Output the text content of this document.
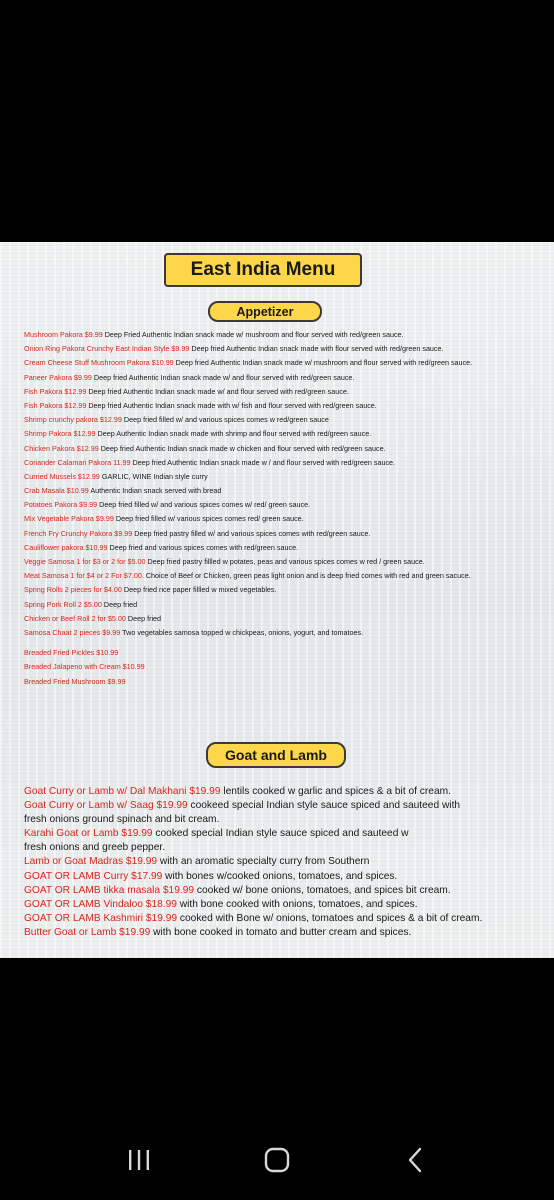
East India Menu
Appetizer
Mushroom Pakora $9.99 Deep Fried Authentic Indian snack made w/ mushroom and flour served with red/green sauce.
Onion Ring Pakora Crunchy East Indian Style $9.99 Deep fried Authentic Indian snack made with flour served with red/green sauce.
Cream Cheese Stuff Mushroom Pakora $10.99 Deep fried Authentic Indian snack made w/ mushroom and flour served with red/green sauce.
Paneer Pakora $9.99 Deep fried Authentic Indian snack made w/ and flour served with red/green sauce.
Fish Pakora $12.99 Deep fried Authentic Indian snack made w/ and flour served with red/green sauce.
Fish Pakora $12.99 Deep fried Authentic Indian snack made with w/ fish and flour served with red/green sauce.
Shrimp crunchy pakora $12.99 Deep fried filled w/ and various spices comes w red/green sauce
Shrimp Pakora $12.99 Deep Authentic Indian snack made with shrimp and flour served with red/green sauce.
Chicken Pakora $12.99 Deep fried Authentic Indian snack made w chicken and flour served with red/green sauce.
Coriander Calamari Pakora 11.99 Deep fried Authentic Indian snack made w / and flour served with red/green sauce.
Curried Mussels $12.99 GARLIC, WINE Indian style curry
Crab Masala $10.99 Authentic Indian snack served with bread
Potatoes Pakora $9.99 Deep fried filled w/ and various spices comes w/ red/ green sauce.
Mix Vegetable Pakora $9.99 Deep fried filled w/ various spices comes red/ green sauce.
French Fry Crunchy Pakora $9.99 Deep fried pastry filled w/ and various spices comes with red/green sauce.
Cauliflower pakora $10.99 Deep fried and various spices comes with red/green sauce.
Veggie Samosa 1 for $3 or 2 for $5.00 Deep fried pastry fillled w potates, peas and various spices comes w red / green sauce.
Meat Samosa 1 for $4 or 2 For $7.00. Choice of Beef or Chicken, green peas light onion and is deep fried comes with red and green sacuce.
Spring Rolls 2 pieces for $4.00 Deep fried rice paper fillled w mixed vegetables.
Spring Pork Roll 2 $5.00 Deep fried
Chicken or Beef Roll 2 for $5.00 Deep fried
Samosa Chaat 2 pieces $9.99 Two vegetables samosa topped w chickpeas, onions, yogurt, and tomatoes.
Breaded Fried Pickles $10.99
Breaded Jalapeno with Cream $10.99
Breaded Fried Mushroom $9.99
Goat and Lamb
Goat Curry or Lamb w/ Dal Makhani $19.99 lentils cooked w garlic and spices & a bit of cream.
Goat Curry or Lamb w/ Saag $19.99 cookeed special Indian style sauce spiced and sauteed with
fresh onions ground spinach and bit cream.
Karahi Goat or Lamb $19.99 cooked special Indian style sauce spiced and sauteed w
fresh onions and greeb pepper.
Lamb or Goat Madras $19.99 with an aromatic specialty curry from Southern
GOAT OR LAMB Curry $17.99 with bones w/cooked onions, tomatoes, and spices.
GOAT OR LAMB tikka masala $19.99 cooked w/ bone onions, tomatoes, and spices bit cream.
GOAT OR LAMB Vindaloo $18.99 with bone cooked with onions, tomatoes, and spices.
GOAT OR LAMB Kashmiri $19.99 cooked with Bone w/ onions, tomatoes and spices & a bit of cream.
Butter Goat or Lamb $19.99 with bone cooked in tomato and butter cream and spices.
